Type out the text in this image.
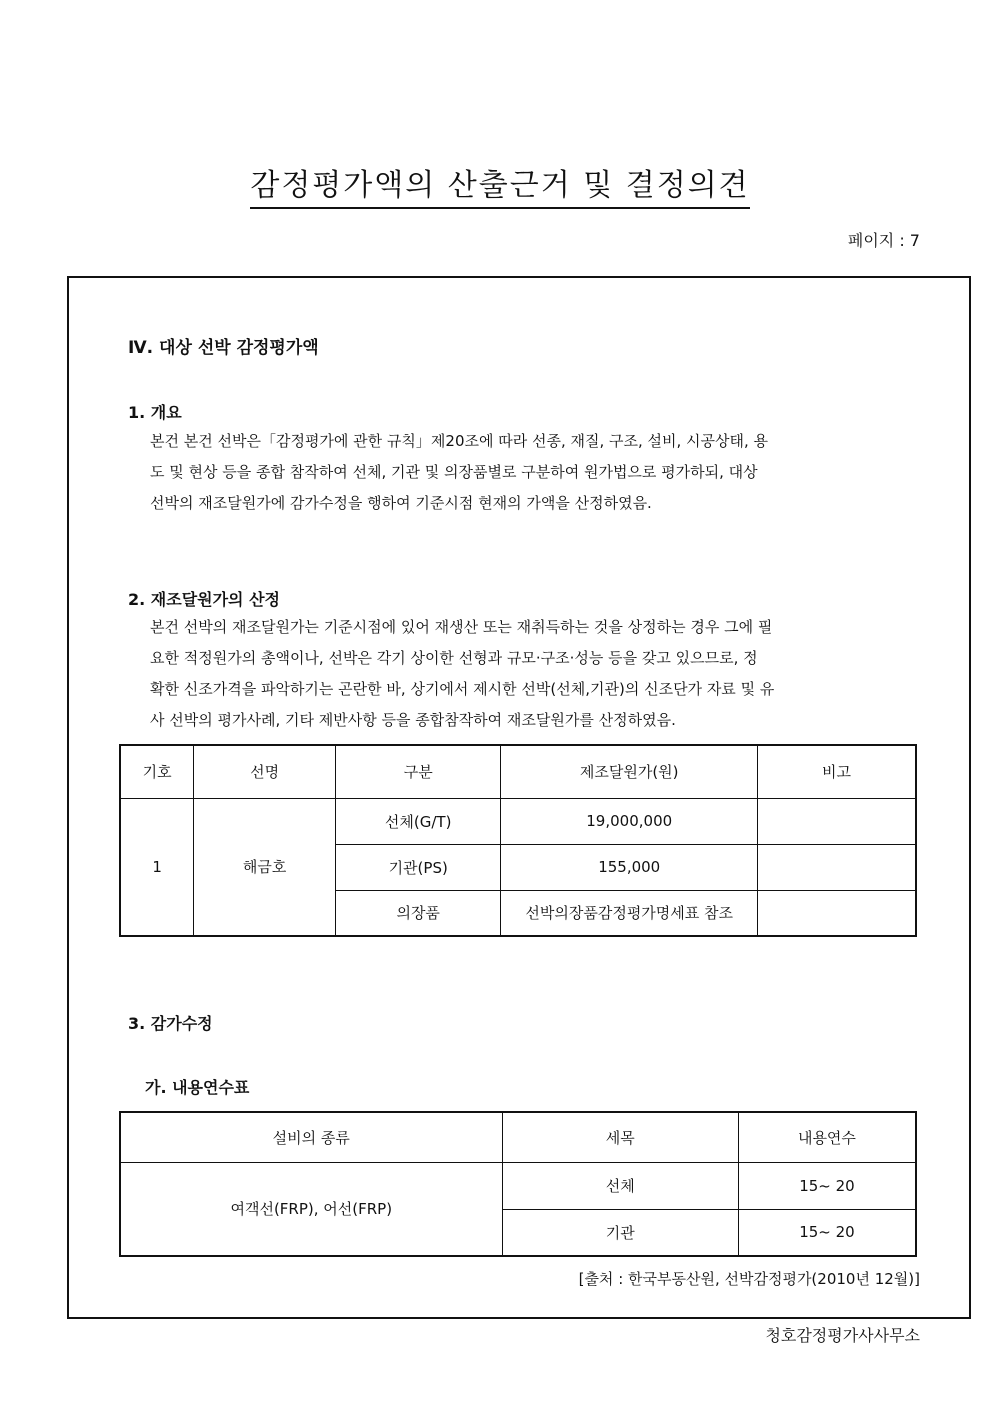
감정평가액의 산출근거 및 결정의견
페이지 : 7
Ⅳ. 대상 선박 감정평가액
1. 개요
본건 본건 선박은「감정평가에 관한 규칙」제20조에 따라 선종, 재질, 구조, 설비, 시공상태, 용
도 및 현상 등을 종합 참작하여 선체, 기관 및 의장품별로 구분하여 원가법으로 평가하되, 대상
선박의 재조달원가에 감가수정을 행하여 기준시점 현재의 가액을 산정하였음.
2. 재조달원가의 산정
본건 선박의 재조달원가는 기준시점에 있어 재생산 또는 재취득하는 것을 상정하는 경우 그에 필
요한 적정원가의 총액이나, 선박은 각기 상이한 선형과 규모·구조·성능 등을 갖고 있으므로, 정
확한 신조가격을 파악하기는 곤란한 바, 상기에서 제시한 선박(선체,기관)의 신조단가 자료 및 유
사 선박의 평가사례, 기타 제반사항 등을 종합참작하여 재조달원가를 산정하였음.
기호	선명	구분	제조달원가(원)	비고
1	해금호	선체(G/T)	19,000,000	
		기관(PS)	155,000	
		의장품	선박의장품감정평가명세표 참조	
3. 감가수정
가. 내용연수표
설비의 종류	세목	내용연수
여객선(FRP), 어선(FRP)	선체	15~ 20
	기관	15~ 20
[출처 : 한국부동산원, 선박감정평가(2010년 12월)]
청호감정평가사사무소
